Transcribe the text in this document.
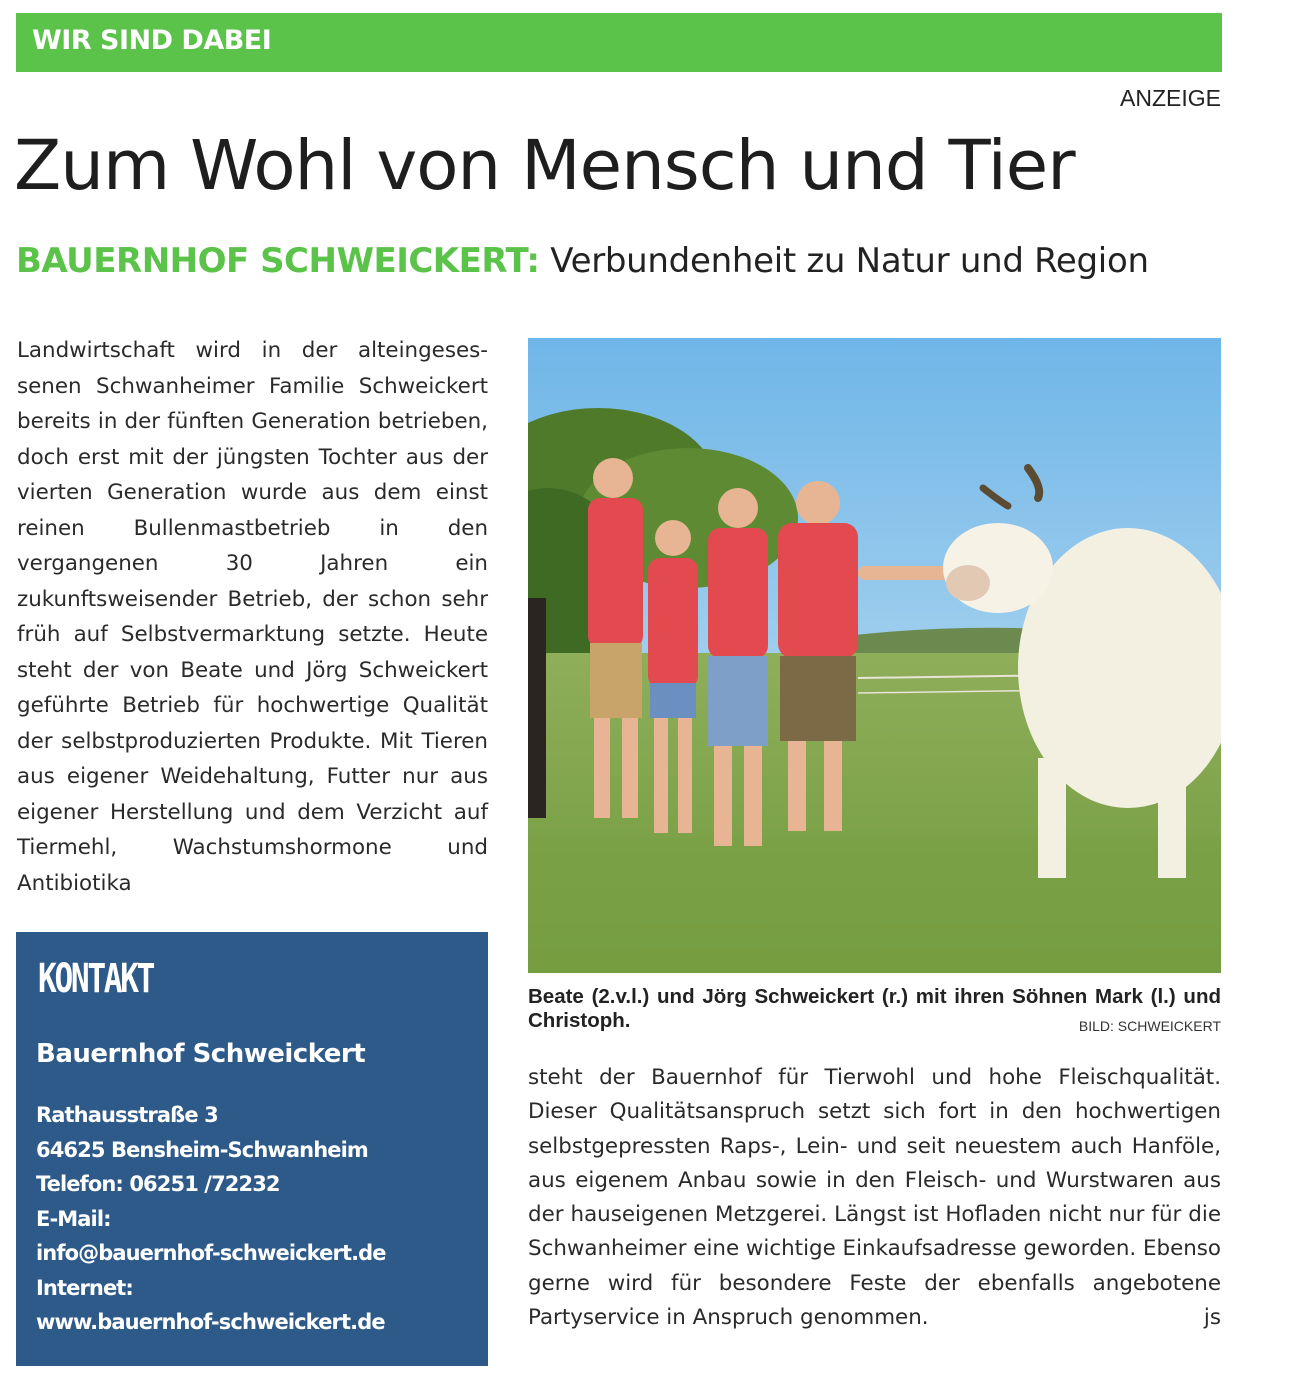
WIR SIND DABEI
ANZEIGE
Zum Wohl von Mensch und Tier
BAUERNHOF SCHWEICKERT: Verbundenheit zu Natur und Region
Landwirtschaft wird in der alteingesessenen Schwanheimer Familie Schweickert bereits in der fünften Generation betrieben, doch erst mit der jüngsten Tochter aus der vierten Generation wurde aus dem einst reinen Bullenmastbetrieb in den vergangenen 30 Jahren ein zukunftsweisender Betrieb, der schon sehr früh auf Selbstvermarktung setzte. Heute steht der von Beate und Jörg Schweickert geführte Betrieb für hochwertige Qualität der selbstproduzierten Produkte. Mit Tieren aus eigener Weidehaltung, Futter nur aus eigener Herstellung und dem Verzicht auf Tiermehl, Wachstumshormone und Antibiotika
KONTAKT
Bauernhof Schweickert
Rathausstraße 3
64625 Bensheim-Schwanheim
Telefon: 06251 /72232
E-Mail:
info@bauernhof-schweickert.de
Internet:
www.bauernhof-schweickert.de
Beate (2.v.l.) und Jörg Schweickert (r.) mit ihren Söhnen Mark (l.) und Christoph.	BILD: SCHWEICKERT
steht der Bauernhof für Tierwohl und hohe Fleischqualität. Dieser Qualitätsanspruch setzt sich fort in den hochwertigen selbstgepressten Raps-, Lein- und seit neuestem auch Hanföle, aus eigenem Anbau sowie in den Fleisch- und Wurstwaren aus der hauseigenen Metzgerei. Längst ist Hofladen nicht nur für die Schwanheimer eine wichtige Einkaufsadresse geworden. Ebenso gerne wird für besondere Feste der ebenfalls angebotene Partyservice in Anspruch genommen.	js
